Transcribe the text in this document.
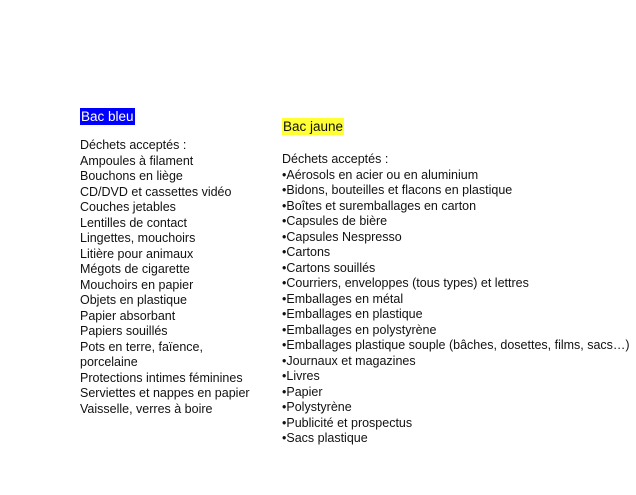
Bac bleu

Déchets acceptés :

Ampoules à filament
Bouchons en liège
CD/DVD et cassettes vidéo
Couches jetables
Lentilles de contact
Lingettes, mouchoirs
Litière pour animaux
Mégots de cigarette
Mouchoirs en papier
Objets en plastique
Papier absorbant
Papiers souillés
Pots en terre, faïence,
porcelaine
Protections intimes féminines
Serviettes et nappes en papier
Vaisselle, verres à boire
Bac jaune

Déchets acceptés :

•Aérosols en acier ou en aluminium
•Bidons, bouteilles et flacons en plastique
•Boîtes et suremballages en carton
•Capsules de bière
•Capsules Nespresso
•Cartons
•Cartons souillés
•Courriers, enveloppes (tous types) et lettres
•Emballages en métal
•Emballages en plastique
•Emballages en polystyrène
•Emballages plastique souple (bâches, dosettes, films, sacs…)
•Journaux et magazines
•Livres
•Papier
•Polystyrène
•Publicité et prospectus
•Sacs plastique
